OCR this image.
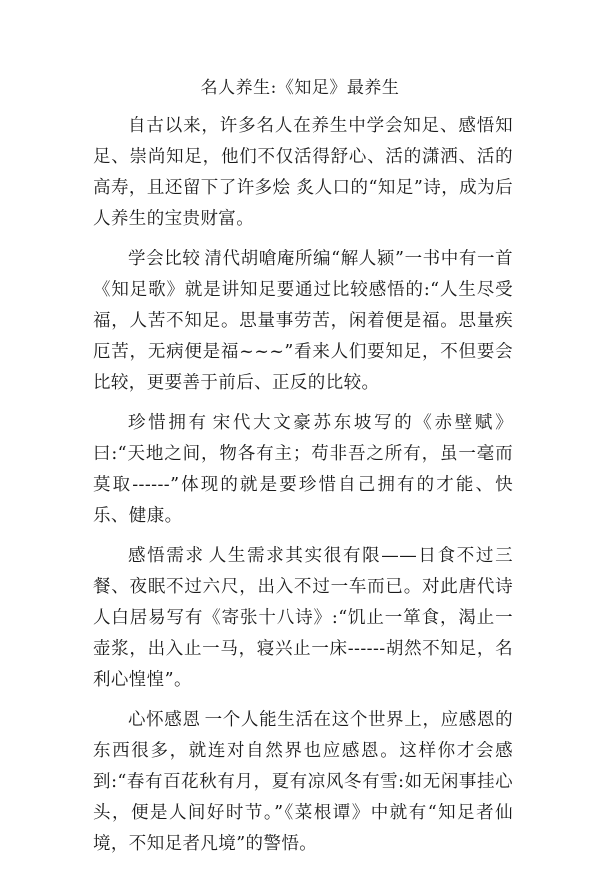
名人养生:《知足》最养生

自古以来，许多名人在养生中学会知足、感悟知足、崇尚知足，他们不仅活得舒心、活的潇洒、活的高寿，且还留下了许多烩 炙人口的“知足”诗，成为后人养生的宝贵财富。

学会比较 清代胡嗆庵所编“解人颍”一书中有一首《知足歌》就是讲知足要通过比较感悟的:“人生尽受福，人苦不知足。思量事劳苦，闲着便是福。思量疾厄苦，无病便是福~~~”看来人们要知足，不但要会比较，更要善于前后、正反的比较。

珍惜拥有 宋代大文豪苏东坡写的《赤壁赋》曰:“天地之间，物各有主；苟非吾之所有，虽一毫而莫取------”体现的就是要珍惜自己拥有的才能、快乐、健康。

感悟需求 人生需求其实很有限——日食不过三餐、夜眠不过六尺，出入不过一车而已。对此唐代诗人白居易写有《寄张十八诗》:“饥止一箪食，渴止一壶浆，出入止一马，寝兴止一床------胡然不知足，名利心惶惶”。

心怀感恩 一个人能生活在这个世界上，应感恩的东西很多，就连对自然界也应感恩。这样你才会感到:“春有百花秋有月，夏有凉风冬有雪:如无闲事挂心头，便是人间好时节。”《菜根谭》中就有“知足者仙境，不知足者凡境”的警悟。
